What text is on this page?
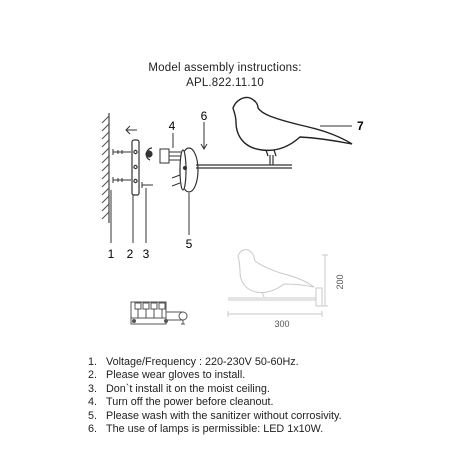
Model assembly instructions:
APL.822.11.10
1 2 3
4
5
6
7
200
300
1. Voltage/Frequency : 220-230V 50-60Hz.
2. Please wear gloves to install.
3. Don`t install it on the moist ceiling.
4. Turn off the power before cleanout.
5. Please wash with the sanitizer without corrosivity.
6. The use of lamps is permissible: LED 1x10W.
